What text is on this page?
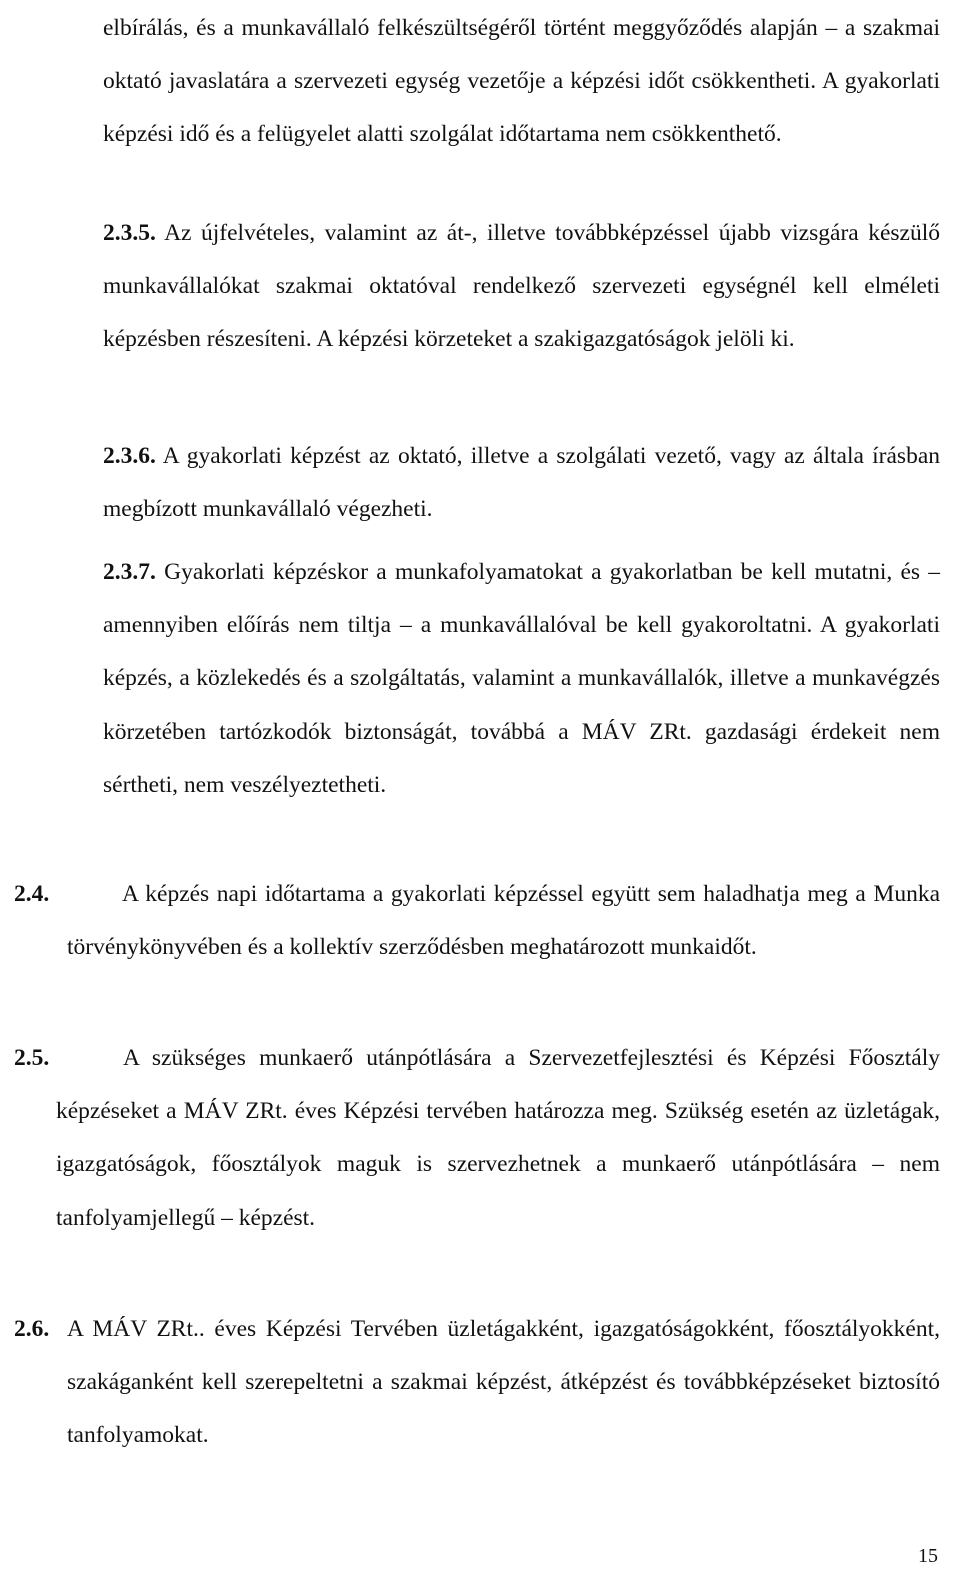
elbírálás, és a munkavállaló felkészültségéről történt meggyőződés alapján – a szakmai oktató javaslatára a szervezeti egység vezetője a képzési időt csökkentheti. A gyakorlati képzési idő és a felügyelet alatti szolgálat időtartama nem csökkenthető.

2.3.5. Az újfelvételes, valamint az át-, illetve továbbképzéssel újabb vizsgára készülő munkavállalókat szakmai oktatóval rendelkező szervezeti egységnél kell elméleti képzésben részesíteni. A képzési körzeteket a szakigazgatóságok jelöli ki.

2.3.6. A gyakorlati képzést az oktató, illetve a szolgálati vezető, vagy az általa írásban megbízott munkavállaló végezheti.

2.3.7. Gyakorlati képzéskor a munkafolyamatokat a gyakorlatban be kell mutatni, és – amennyiben előírás nem tiltja – a munkavállalóval be kell gyakoroltatni. A gyakorlati képzés, a közlekedés és a szolgáltatás, valamint a munkavállalók, illetve a munkavégzés körzetében tartózkodók biztonságát, továbbá a MÁV ZRt. gazdasági érdekeit nem sértheti, nem veszélyeztetheti.

2.4.	A képzés napi időtartama a gyakorlati képzéssel együtt sem haladhatja meg a Munka törvénykönyvében és a kollektív szerződésben meghatározott munkaidőt.
2.5.	A szükséges munkaerő utánpótlására a Szervezetfejlesztési és Képzési Főosztály képzéseket a MÁV ZRt. éves Képzési tervében határozza meg. Szükség esetén az üzletágak, igazgatóságok, főosztályok maguk is szervezhetnek a munkaerő utánpótlására – nem tanfolyamjellegű – képzést.
2.6. A MÁV ZRt.. éves Képzési Tervében üzletágakként, igazgatóságokként, főosztályokként, szakáganként kell szerepeltetni a szakmai képzést, átképzést és továbbképzéseket biztosító tanfolyamokat.
15
